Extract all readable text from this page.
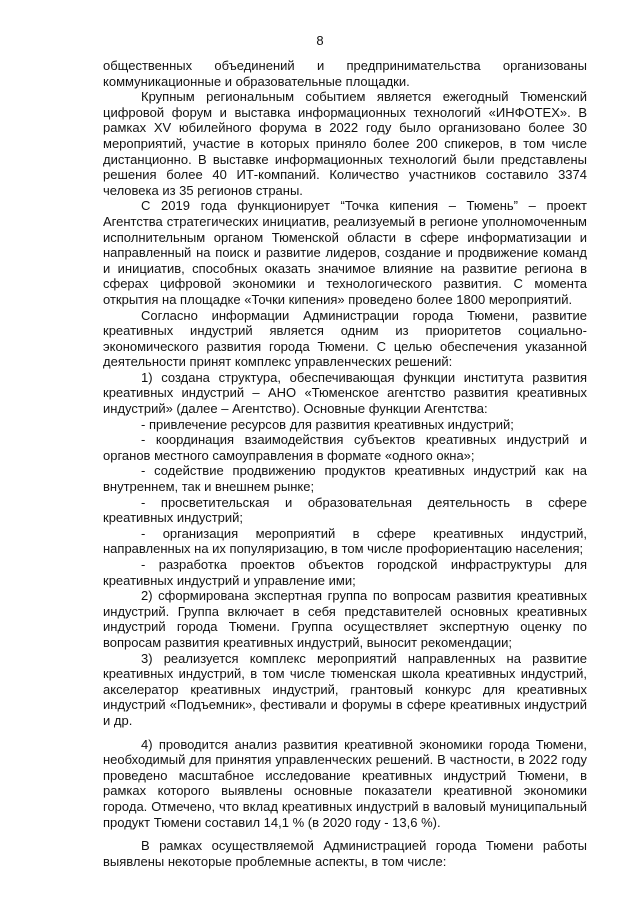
8

общественных объединений и предпринимательства организованы коммуникационные и образовательные площадки.

Крупным региональным событием является ежегодный Тюменский цифровой форум и выставка информационных технологий «ИНФОТЕХ». В рамках XV юбилейного форума в 2022 году было организовано более 30 мероприятий, участие в которых приняло более 200 спикеров, в том числе дистанционно. В выставке информационных технологий были представлены решения более 40 ИТ-компаний. Количество участников составило 3374 человека из 35 регионов страны.

С 2019 года функционирует “Точка кипения – Тюмень” – проект Агентства стратегических инициатив, реализуемый в регионе уполномоченным исполнительным органом Тюменской области в сфере информатизации и направленный на поиск и развитие лидеров, создание и продвижение команд и инициатив, способных оказать значимое влияние на развитие региона в сферах цифровой экономики и технологического развития. С момента открытия на площадке «Точки кипения» проведено более 1800 мероприятий.

Согласно информации Администрации города Тюмени, развитие креативных индустрий является одним из приоритетов социально-экономического развития города Тюмени. С целью обеспечения указанной деятельности принят комплекс управленческих решений:

1) создана структура, обеспечивающая функции института развития креативных индустрий – АНО «Тюменское агентство развития креативных индустрий» (далее – Агентство). Основные функции Агентства:

- привлечение ресурсов для развития креативных индустрий;

- координация взаимодействия субъектов креативных индустрий и органов местного самоуправления в формате «одного окна»;

- содействие продвижению продуктов креативных индустрий как на внутреннем, так и внешнем рынке;

- просветительская и образовательная деятельность в сфере креативных индустрий;

- организация мероприятий в сфере креативных индустрий, направленных на их популяризацию, в том числе профориентацию населения;

- разработка проектов объектов городской инфраструктуры для креативных индустрий и управление ими;

2) сформирована экспертная группа по вопросам развития креативных индустрий. Группа включает в себя представителей основных креативных индустрий города Тюмени. Группа осуществляет экспертную оценку по вопросам развития креативных индустрий, выносит рекомендации;

3) реализуется комплекс мероприятий направленных на развитие креативных индустрий, в том числе тюменская школа креативных индустрий, акселератор креативных индустрий, грантовый конкурс для креативных индустрий «Подъемник», фестивали и форумы в сфере креативных индустрий и др.

4) проводится анализ развития креативной экономики города Тюмени, необходимый для принятия управленческих решений. В частности, в 2022 году проведено масштабное исследование креативных индустрий Тюмени, в рамках которого выявлены основные показатели креативной экономики города. Отмечено, что вклад креативных индустрий в валовый муниципальный продукт Тюмени составил 14,1 % (в 2020 году - 13,6 %).

В рамках осуществляемой Администрацией города Тюмени работы выявлены некоторые проблемные аспекты, в том числе:
